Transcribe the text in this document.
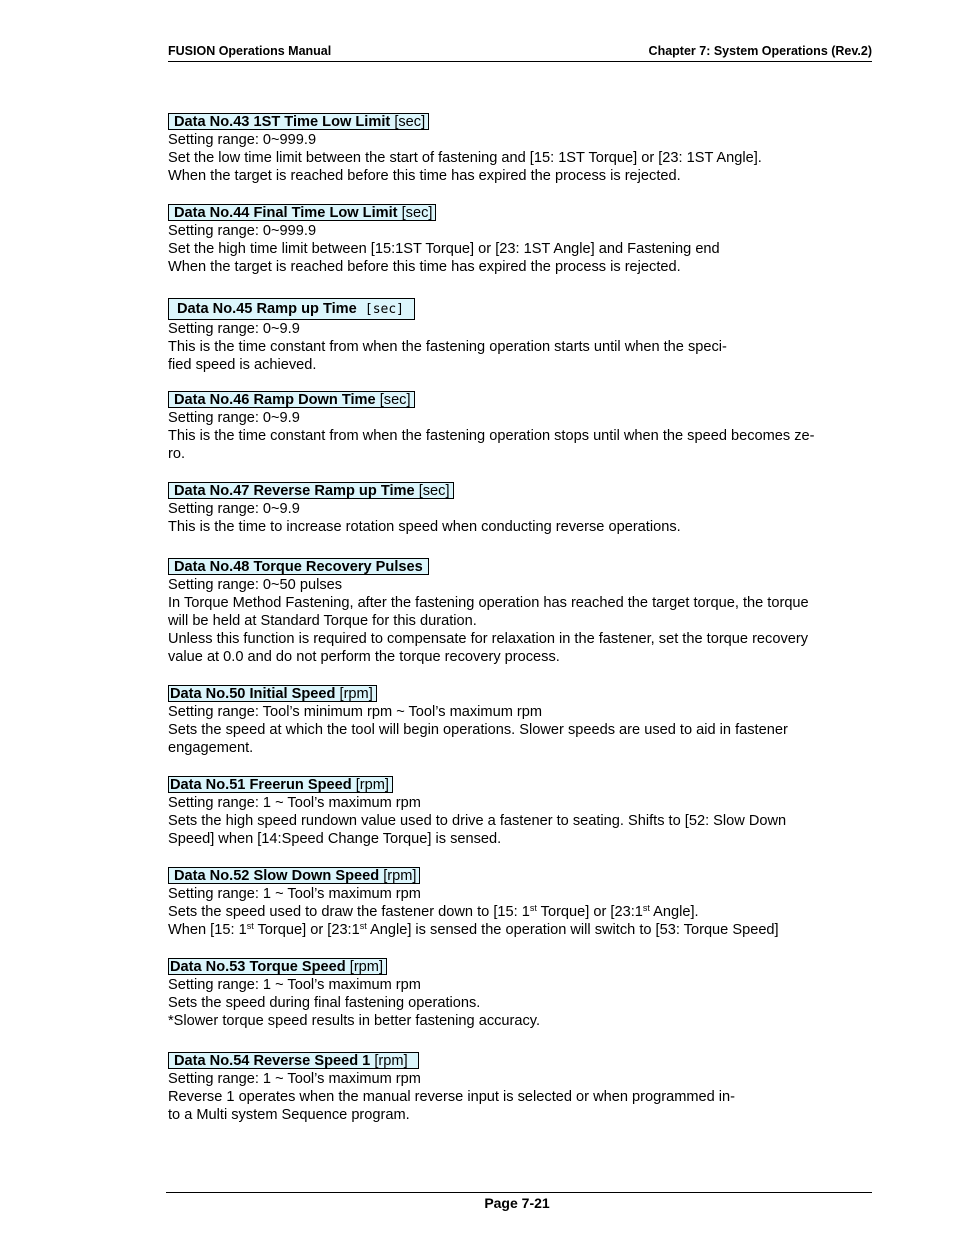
FUSION Operations Manual	Chapter 7: System Operations (Rev.2)
Data No.43 1ST Time Low Limit [sec]
Setting range: 0~999.9
Set the low time limit between the start of fastening and [15: 1ST Torque] or [23: 1ST Angle].
When the target is reached before this time has expired the process is rejected.
Data No.44 Final Time Low Limit [sec]
Setting range: 0~999.9
Set the high time limit between [15:1ST Torque] or [23: 1ST Angle] and Fastening end
When the target is reached before this time has expired the process is rejected.
Data No.45 Ramp up Time [sec]
Setting range: 0~9.9
This is the time constant from when the fastening operation starts until when the speci-
fied speed is achieved.
Data No.46 Ramp Down Time [sec]
Setting range: 0~9.9
This is the time constant from when the fastening operation stops until when the speed becomes ze-
ro.
Data No.47 Reverse Ramp up Time [sec]
Setting range: 0~9.9
This is the time to increase rotation speed when conducting reverse operations.
Data No.48 Torque Recovery Pulses
Setting range: 0~50 pulses
In Torque Method Fastening, after the fastening operation has reached the target torque, the torque
will be held at Standard Torque for this duration.
Unless this function is required to compensate for relaxation in the fastener, set the torque recovery
value at 0.0 and do not perform the torque recovery process.
Data No.50 Initial Speed [rpm]
Setting range: Tool’s minimum rpm ~ Tool’s maximum rpm
Sets the speed at which the tool will begin operations. Slower speeds are used to aid in fastener
engagement.
Data No.51 Freerun Speed [rpm]
Setting range: 1 ~ Tool’s maximum rpm
Sets the high speed rundown value used to drive a fastener to seating. Shifts to [52: Slow Down
Speed] when [14:Speed Change Torque] is sensed.
Data No.52 Slow Down Speed [rpm]
Setting range: 1 ~ Tool’s maximum rpm
Sets the speed used to draw the fastener down to [15: 1st Torque] or [23:1st Angle].
When [15: 1st Torque] or [23:1st Angle] is sensed the operation will switch to [53: Torque Speed]
Data No.53 Torque Speed [rpm]
Setting range: 1 ~ Tool’s maximum rpm
Sets the speed during final fastening operations.
*Slower torque speed results in better fastening accuracy.
Data No.54 Reverse Speed 1 [rpm]
Setting range: 1 ~ Tool’s maximum rpm
Reverse 1 operates when the manual reverse input is selected or when programmed in-
to a Multi system Sequence program.
Page 7-21
